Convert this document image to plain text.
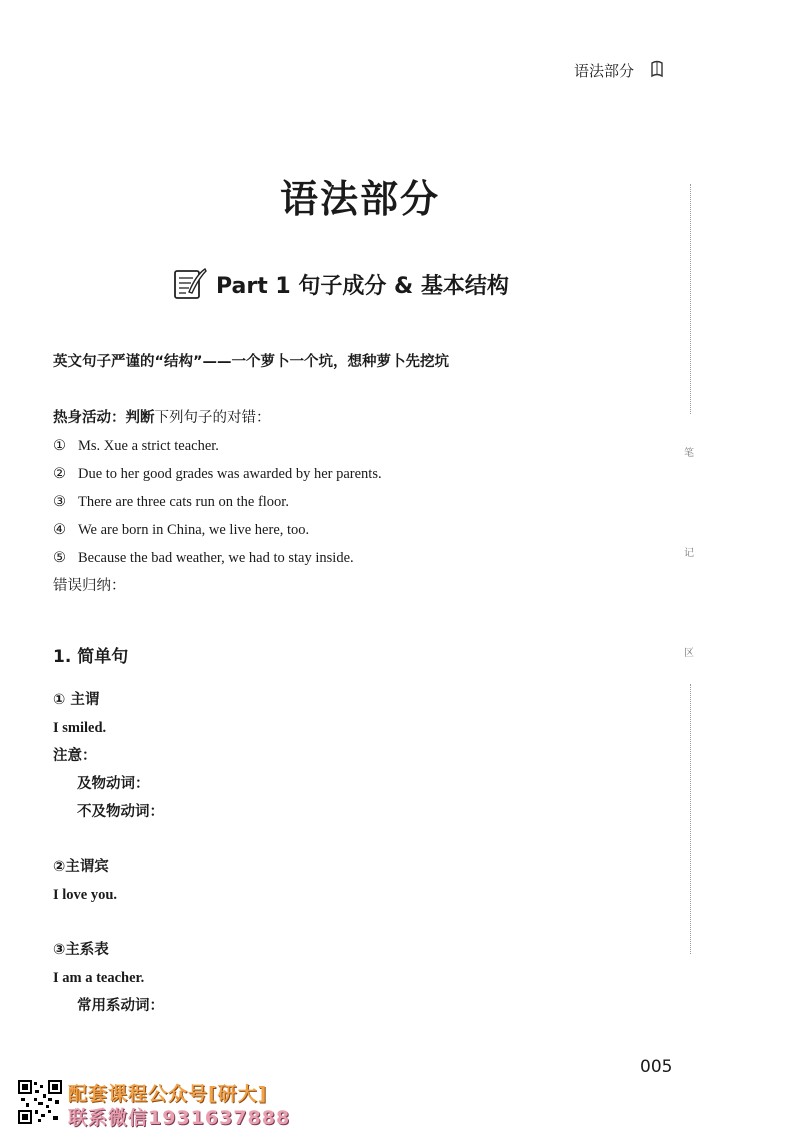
语法部分
语法部分
Part 1 句子成分 & 基本结构
笔
记
区
英文句子严谨的“结构”——一个萝卜一个坑，想种萝卜先挖坑
热身活动：判断下列句子的对错：
① Ms. Xue a strict teacher.
② Due to her good grades was awarded by her parents.
③ There are three cats run on the floor.
④ We are born in China, we live here, too.
⑤ Because the bad weather, we had to stay inside.
错误归纳：
1. 简单句
① 主谓
I smiled.
注意：
及物动词：
不及物动词：
②主谓宾
I love you.
③主系表
I am a teacher.
常用系动词：
005
配套课程公众号[研大]
联系微信1931637888
